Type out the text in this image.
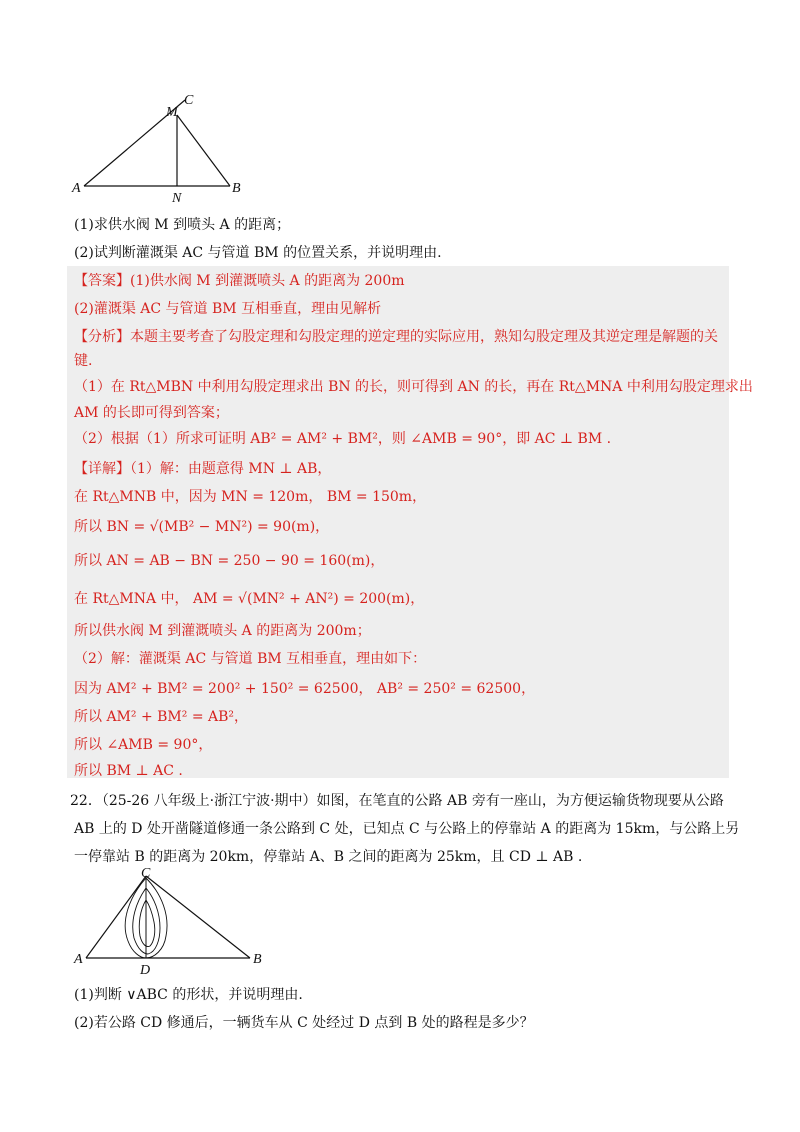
M
C
A
N
B
(1)求供水阀 M 到喷头 A 的距离；
(2)试判断灌溉渠 AC 与管道 BM 的位置关系，并说明理由.
【答案】(1)供水阀 M 到灌溉喷头 A 的距离为 200m
(2)灌溉渠 AC 与管道 BM 互相垂直，理由见解析
【分析】本题主要考查了勾股定理和勾股定理的逆定理的实际应用，熟知勾股定理及其逆定理是解题的关
键.
（1）在 Rt△MBN 中利用勾股定理求出 BN 的长，则可得到 AN 的长，再在 Rt△MNA 中利用勾股定理求出
AM 的长即可得到答案；
（2）根据（1）所求可证明 AB² = AM² + BM²，则 ∠AMB = 90°，即 AC ⊥ BM .
【详解】（1）解：由题意得 MN ⊥ AB，
在 Rt△MNB 中，因为 MN = 120m， BM = 150m，
所以 BN = √(MB² − MN²) = 90(m)，
所以 AN = AB − BN = 250 − 90 = 160(m)，
在 Rt△MNA 中， AM = √(MN² + AN²) = 200(m)，
所以供水阀 M 到灌溉喷头 A 的距离为 200m；
（2）解：灌溉渠 AC 与管道 BM 互相垂直，理由如下：
因为 AM² + BM² = 200² + 150² = 62500， AB² = 250² = 62500，
所以 AM² + BM² = AB²，
所以 ∠AMB = 90°，
所以 BM ⊥ AC .
22．（25-26 八年级上·浙江宁波·期中）如图，在笔直的公路 AB 旁有一座山，为方便运输货物现要从公路
AB 上的 D 处开凿隧道修通一条公路到 C 处，已知点 C 与公路上的停靠站 A 的距离为 15km，与公路上另
一停靠站 B 的距离为 20km，停靠站 A、B 之间的距离为 25km，且 CD ⊥ AB .
C
A
D
B
(1)判断 ∨ABC 的形状，并说明理由.
(2)若公路 CD 修通后，一辆货车从 C 处经过 D 点到 B 处的路程是多少？
